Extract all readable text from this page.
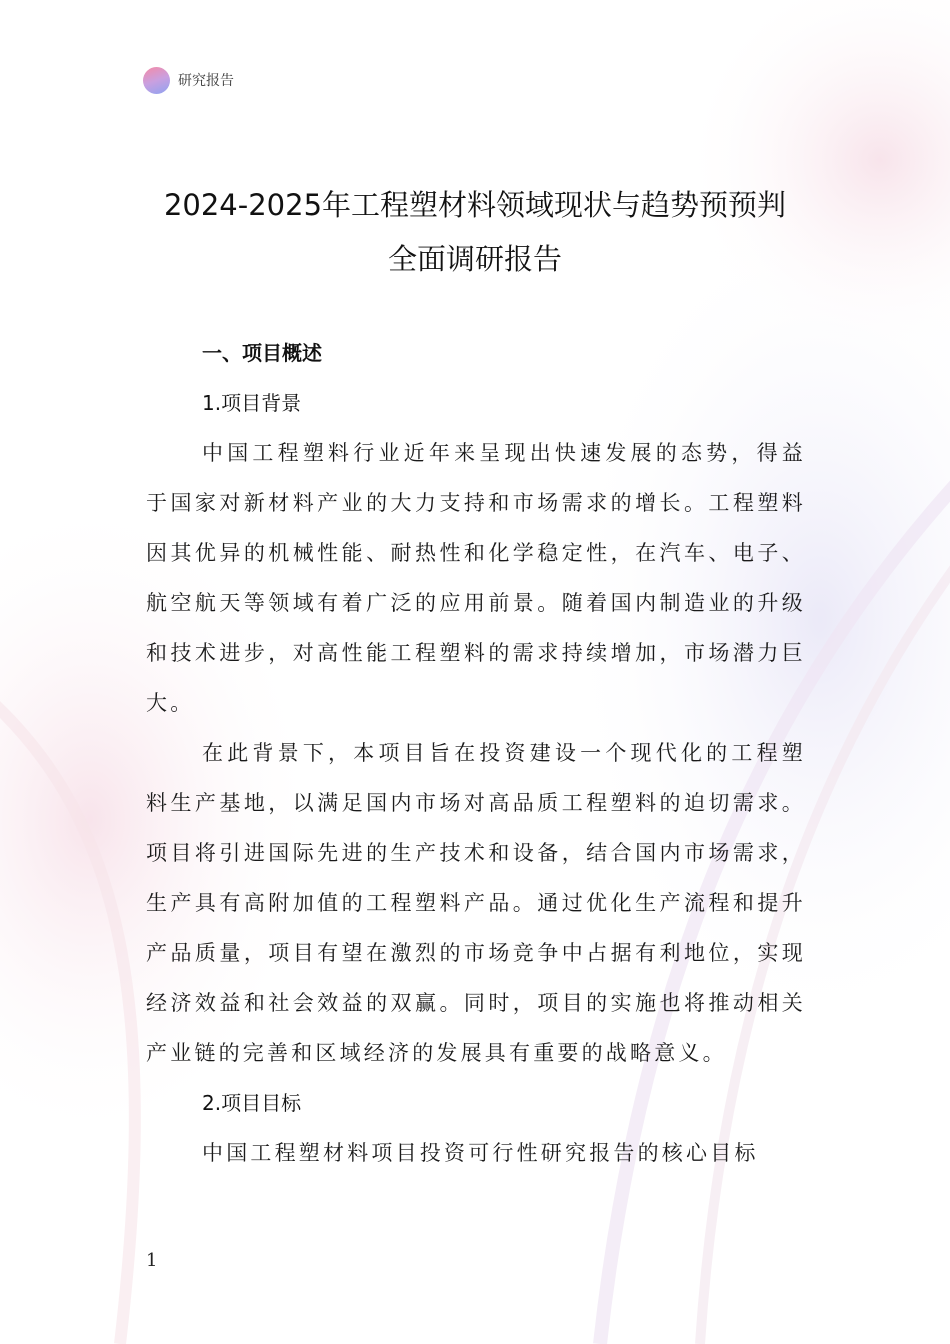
研究报告
2024-2025年工程塑材料领域现状与趋势预预判
全面调研报告

一、项目概述

1.项目背景

中国工程塑料行业近年来呈现出快速发展的态势，得益于国家对新材料产业的大力支持和市场需求的增长。工程塑料因其优异的机械性能、耐热性和化学稳定性，在汽车、电子、航空航天等领域有着广泛的应用前景。随着国内制造业的升级和技术进步，对高性能工程塑料的需求持续增加，市场潜力巨大。

在此背景下，本项目旨在投资建设一个现代化的工程塑料生产基地，以满足国内市场对高品质工程塑料的迫切需求。项目将引进国际先进的生产技术和设备，结合国内市场需求，生产具有高附加值的工程塑料产品。通过优化生产流程和提升产品质量，项目有望在激烈的市场竞争中占据有利地位，实现经济效益和社会效益的双赢。同时，项目的实施也将推动相关产业链的完善和区域经济的发展具有重要的战略意义。

2.项目目标

中国工程塑材料项目投资可行性研究报告的核心目标

1
